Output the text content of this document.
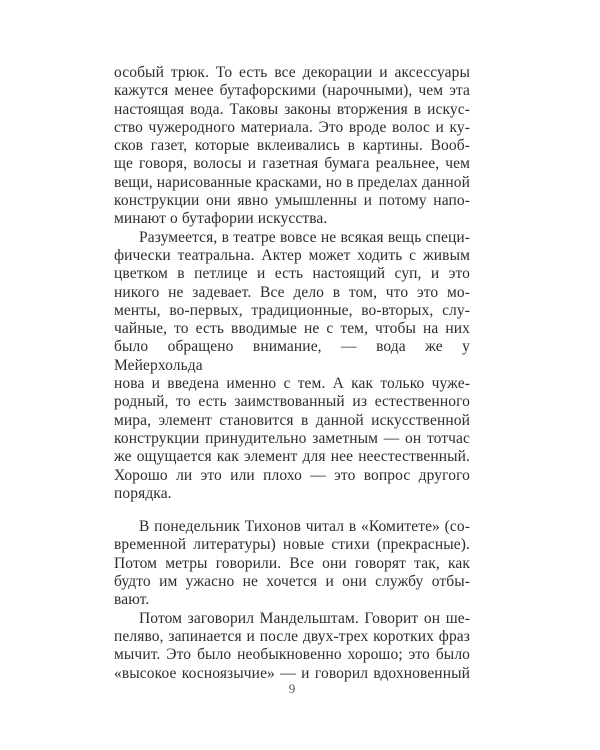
особый трюк. То есть все декорации и аксессуары
кажутся менее бутафорскими (нарочными), чем эта
настоящая вода. Таковы законы вторжения в искус-
ство чужеродного материала. Это вроде волос и ку-
сков газет, которые вклеивались в картины. Вооб-
ще говоря, волосы и газетная бумага реальнее, чем
вещи, нарисованные красками, но в пределах данной
конструкции они явно умышленны и потому напо-
минают о бутафории искусства.
Разумеется, в театре вовсе не всякая вещь специ-
фически театральна. Актер может ходить с живым
цветком в петлице и есть настоящий суп, и это
никого не задевает. Все дело в том, что это мо-
менты, во-первых, традиционные, во-вторых, слу-
чайные, то есть вводимые не с тем, чтобы на них
было обращено внимание, — вода же у Мейерхольда
нова и введена именно с тем. А как только чуже-
родный, то есть заимствованный из естественного
мира, элемент становится в данной искусственной
конструкции принудительно заметным — он тотчас
же ощущается как элемент для нее неестественный.
Хорошо ли это или плохо — это вопрос другого
порядка.
В понедельник Тихонов читал в «Комитете» (со-
временной литературы) новые стихи (прекрасные).
Потом метры говорили. Все они говорят так, как
будто им ужасно не хочется и они службу отбы-
вают.
Потом заговорил Мандельштам. Говорит он ше-
пеляво, запинается и после двух-трех коротких фраз
мычит. Это было необыкновенно хорошо; это было
«высокое косноязычие» — и говорил вдохновенный
9
